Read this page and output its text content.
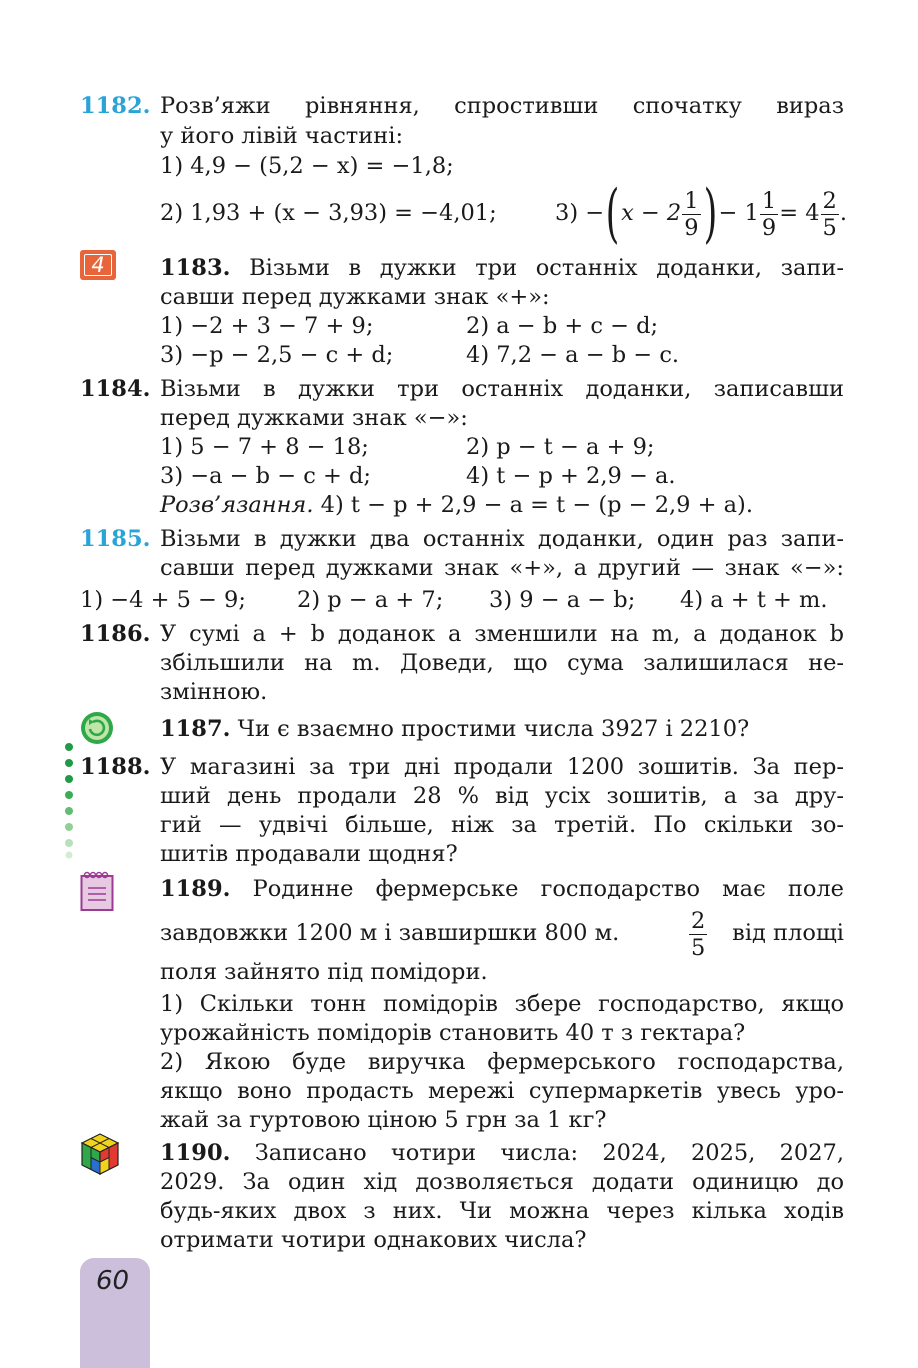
1182. Розв’яжи рівняння, спростивши спочатку вираз
у його лівій частині:
1) 4,9 − (5,2 − x) = −1,8;
2) 1,93 + (x − 3,93) = −4,01;	$3) -(x - 2 \frac{1}{9}$ )− $1 \frac{1}{9} = 4 \frac{2}{5}$ .
4	1183. Візьми в дужки три останніх доданки, запи-
савши перед дужками знак «+»:
1) −2 + 3 − 7 + 9;	2) a − b + c − d;
3) −p − 2,5 − c + d;	4) 7,2 − a − b − c.
1184. Візьми в дужки три останніх доданки, записавши
перед дужками знак «−»:
1) 5 − 7 + 8 − 18;	2) p − t − a + 9;
3) −a − b − c + d;	4) t − p + 2,9 − a.
Розв’язання. 4) t − p + 2,9 − a = t − (p − 2,9 + a).
1185. Візьми в дужки два останніх доданки, один раз запи-
савши перед дужками знак «+», а другий — знак «−»:
1) −4 + 5 − 9; 2) p − a + 7; 3) 9 − a − b; 4) a + t + m.
1186. У сумі a + b доданок a зменшили на m, а доданок b
збільшили на m. Доведи, що сума залишилася не-
змінною.
1187. Чи є взаємно простими числа 3927 і 2210?
1188. У магазині за три дні продали 1200 зошитів. За пер-
ший день продали 28 % від усіх зошитів, а за дру-
гий — удвічі більше, ніж за третій. По скільки зо-
шитів продавали щодня?
1189. Родинне фермерське господарство має поле
завдовжки 1200 м і завширшки 800 м.	$\frac{2}{5}$	від площі
поля зайнято під помідори.
1) Скільки тонн помідорів збере господарство, якщо
урожайність помідорів становить 40 т з гектара?
2) Якою буде виручка фермерського господарства,
якщо воно продасть мережі супермаркетів увесь уро-
жай за гуртовою ціною 5 грн за 1 кг?
1190. Записано чотири числа: 2024, 2025, 2027,
2029. За один хід дозволяється додати одиницю до
будь-яких двох з них. Чи можна через кілька ходів
отримати чотири однакових числа?
60
